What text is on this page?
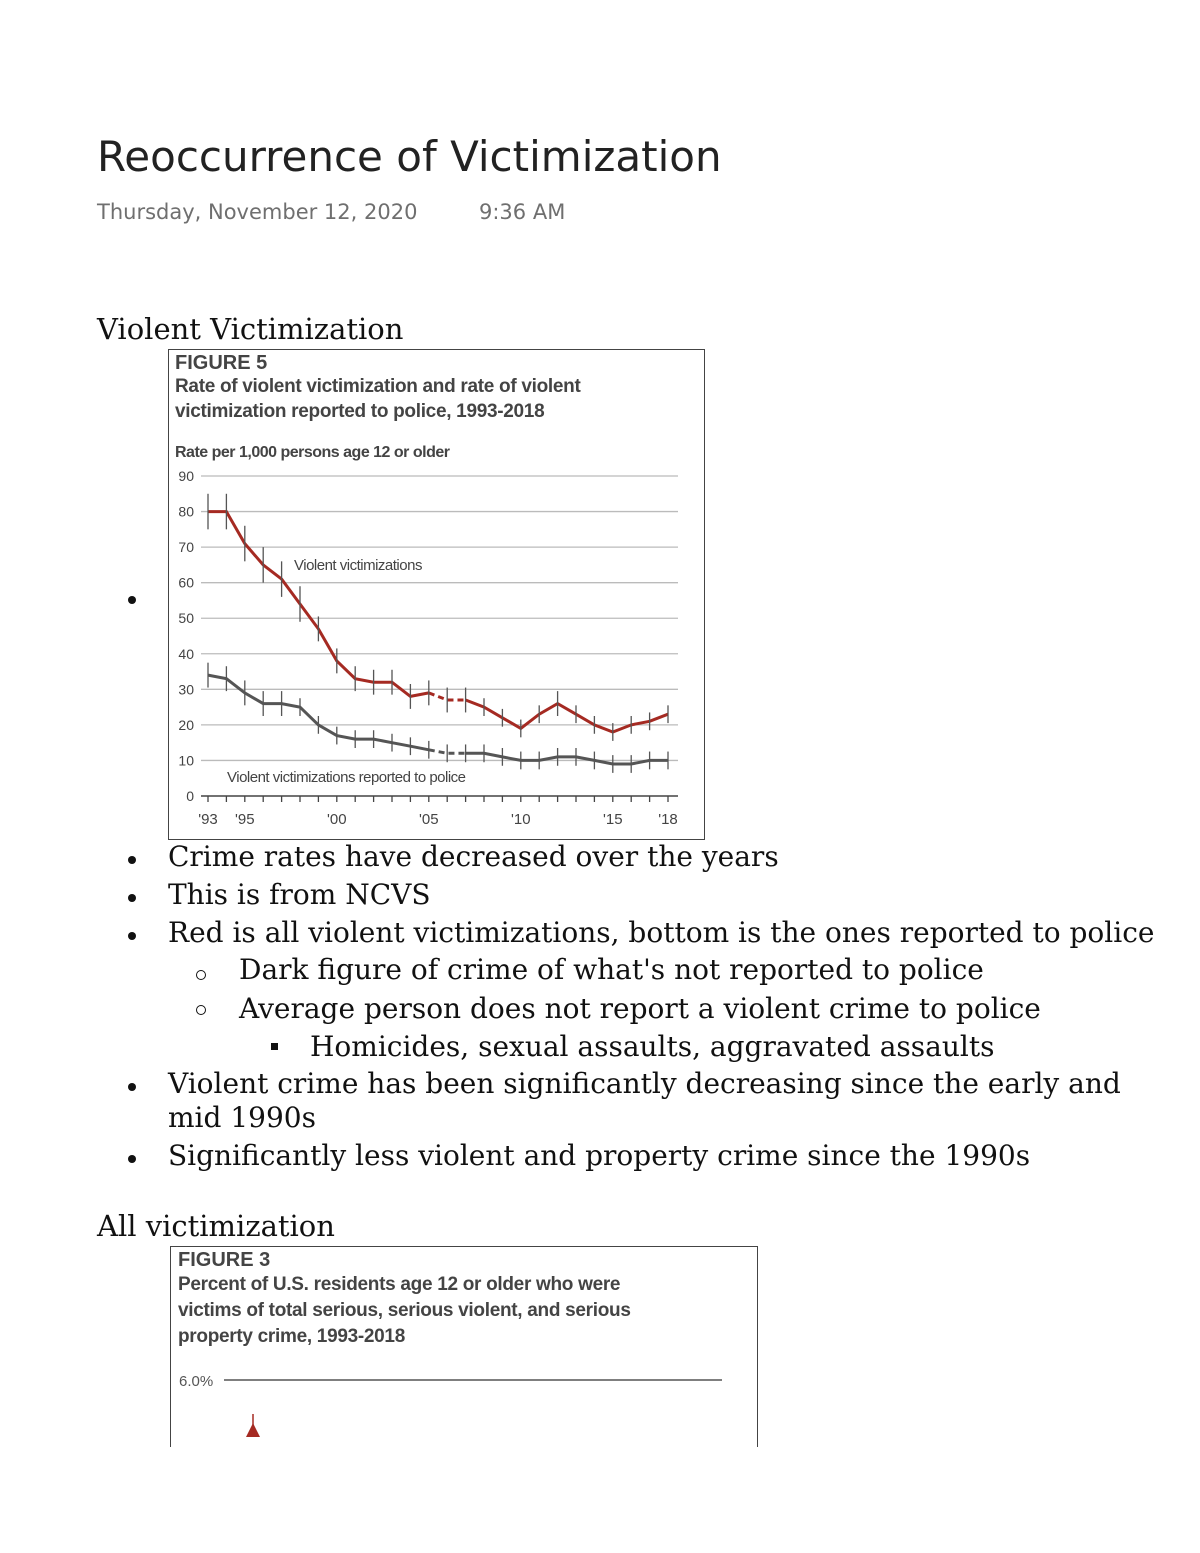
Reoccurrence of Victimization
Thursday, November 12, 2020	9:36 AM
Violent Victimization
FIGURE 5
Rate of violent victimization and rate of violent
victimization reported to police, 1993-2018
Rate per 1,000 persons age 12 or older
Violent victimizations
Violent victimizations reported to police
0
10
20
30
40
50
60
70
80
90
'93 '95	'00	'05	'10	'15 '18
Crime rates have decreased over the years
This is from NCVS
Red is all violent victimizations, bottom is the ones reported to police
Dark figure of crime of what's not reported to police
Average person does not report a violent crime to police
Homicides, sexual assaults, aggravated assaults
Violent crime has been significantly decreasing since the early and mid 1990s
Significantly less violent and property crime since the 1990s
All victimization
FIGURE 3
Percent of U.S. residents age 12 or older who were
victims of total serious, serious violent, and serious
property crime, 1993-2018
6.0%
